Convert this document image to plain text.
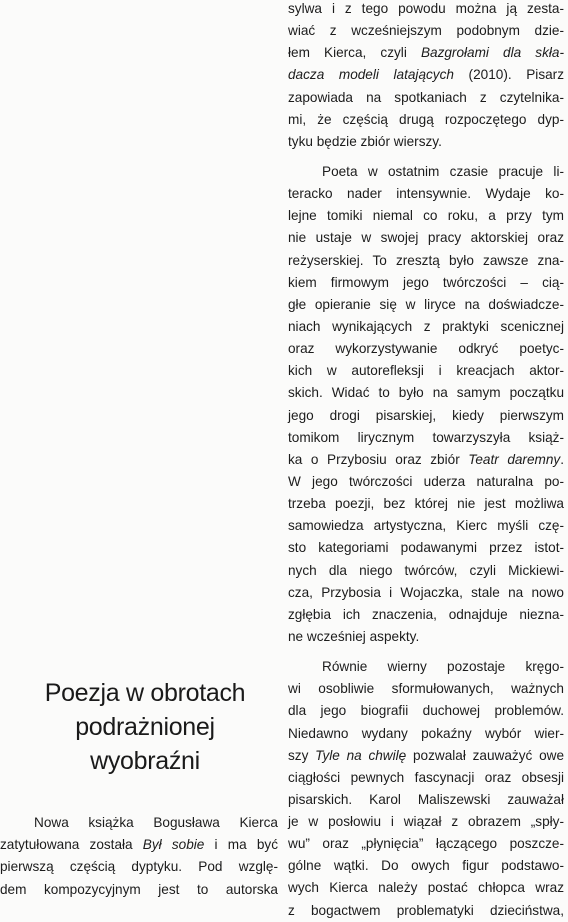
Poezja w obrotach
podrażnionej
wyobraźni
Nowa książka Bogusława Kierca
zatytułowana została Był sobie i ma być
pierwszą częścią dyptyku. Pod wzglę-
dem kompozycyjnym jest to autorska
sylwa i z tego powodu można ją zesta-
wiać z wcześniejszym podobnym dzie-
łem Kierca, czyli Bazgrołami dla skła-
dacza modeli latających (2010). Pisarz
zapowiada na spotkaniach z czytelnika-
mi, że częścią drugą rozpoczętego dyp-
tyku będzie zbiór wierszy.
Poeta w ostatnim czasie pracuje li-
teracko nader intensywnie. Wydaje ko-
lejne tomiki niemal co roku, a przy tym
nie ustaje w swojej pracy aktorskiej oraz
reżyserskiej. To zresztą było zawsze zna-
kiem firmowym jego twórczości – cią-
głe opieranie się w liryce na doświadcze-
niach wynikających z praktyki scenicznej
oraz wykorzystywanie odkryć poetyc-
kich w autorefleksji i kreacjach aktor-
skich. Widać to było na samym początku
jego drogi pisarskiej, kiedy pierwszym
tomikom lirycznym towarzyszyła książ-
ka o Przybosiu oraz zbiór Teatr daremny.
W jego twórczości uderza naturalna po-
trzeba poezji, bez której nie jest możliwa
samowiedza artystyczna, Kierc myśli czę-
sto kategoriami podawanymi przez istot-
nych dla niego twórców, czyli Mickiewi-
cza, Przybosia i Wojaczka, stale na nowo
zgłębia ich znaczenia, odnajduje niezna-
ne wcześniej aspekty.
Równie wierny pozostaje kręgo-
wi osobliwie sformułowanych, ważnych
dla jego biografii duchowej problemów.
Niedawno wydany pokaźny wybór wier-
szy Tyle na chwilę pozwalał zauważyć owe
ciągłości pewnych fascynacji oraz obsesji
pisarskich. Karol Maliszewski zauważał
je w posłowiu i wiązał z obrazem „spły-
wu” oraz „płynięcia” łączącego poszcze-
gólne wątki. Do owych figur podstawo-
wych Kierca należy postać chłopca wraz
z bogactwem problematyki dzieciństwa,
